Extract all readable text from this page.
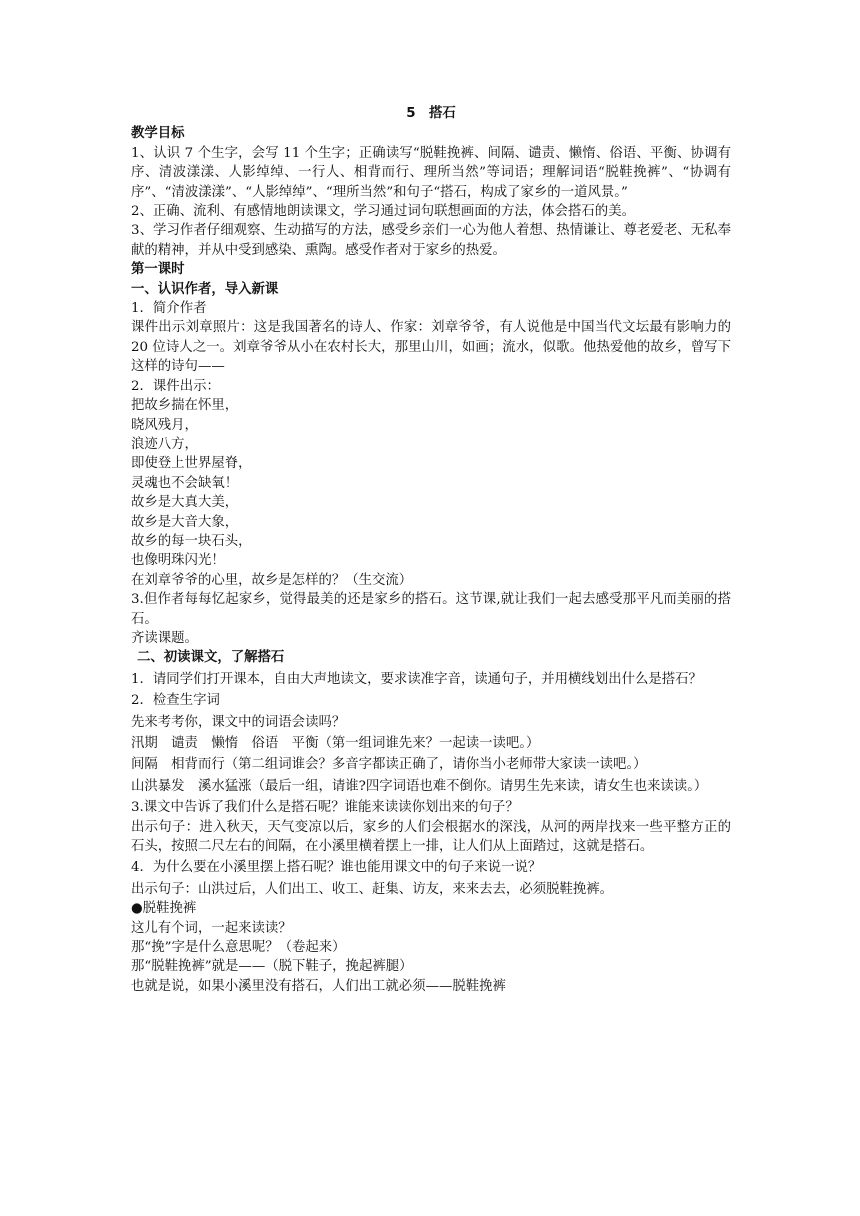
5　搭石

教学目标

1、认识 7 个生字，会写 11 个生字；正确读写“脱鞋挽裤、间隔、谴责、懒惰、俗语、平衡、协调有序、清波漾漾、人影绰绰、一行人、相背而行、理所当然”等词语；理解词语“脱鞋挽裤”、“协调有序”、“清波漾漾”、“人影绰绰”、“理所当然”和句子“搭石，构成了家乡的一道风景。”

2、正确、流利、有感情地朗读课文，学习通过词句联想画面的方法，体会搭石的美。

3、学习作者仔细观察、生动描写的方法，感受乡亲们一心为他人着想、热情谦让、尊老爱老、无私奉献的精神，并从中受到感染、熏陶。感受作者对于家乡的热爱。

第一课时

一、认识作者，导入新课

1．简介作者

课件出示刘章照片：这是我国著名的诗人、作家：刘章爷爷，有人说他是中国当代文坛最有影响力的 20 位诗人之一。刘章爷爷从小在农村长大，那里山川，如画；流水，似歌。他热爱他的故乡，曾写下这样的诗句——

2．课件出示：

把故乡揣在怀里，

晓风残月，

浪迹八方，

即使登上世界屋脊，

灵魂也不会缺氧！

故乡是大真大美，

故乡是大音大象，

故乡的每一块石头，

也像明珠闪光！

在刘章爷爷的心里，故乡是怎样的？（生交流）

3.但作者每每忆起家乡，觉得最美的还是家乡的搭石。这节课,就让我们一起去感受那平凡而美丽的搭石。

齐读课题。

二、初读课文，了解搭石

1．请同学们打开课本，自由大声地读文，要求读准字音，读通句子，并用横线划出什么是搭石？

2．检查生字词

先来考考你，课文中的词语会读吗？

汛期　谴责　懒惰　俗语　平衡（第一组词谁先来？一起读一读吧。）

间隔　相背而行（第二组词谁会？多音字都读正确了，请你当小老师带大家读一读吧。）

山洪暴发　溪水猛涨（最后一组，请谁?四字词语也难不倒你。请男生先来读，请女生也来读读。）

3.课文中告诉了我们什么是搭石呢？谁能来读读你划出来的句子？

出示句子：进入秋天，天气变凉以后，家乡的人们会根据水的深浅，从河的两岸找来一些平整方正的石头，按照二尺左右的间隔，在小溪里横着摆上一排，让人们从上面踏过，这就是搭石。

4．为什么要在小溪里摆上搭石呢？谁也能用课文中的句子来说一说？

出示句子：山洪过后，人们出工、收工、赶集、访友，来来去去，必须脱鞋挽裤。

●脱鞋挽裤

这儿有个词，一起来读读？

那“挽”字是什么意思呢？（卷起来）

那“脱鞋挽裤”就是——（脱下鞋子，挽起裤腿）

也就是说，如果小溪里没有搭石，人们出工就必须——脱鞋挽裤
